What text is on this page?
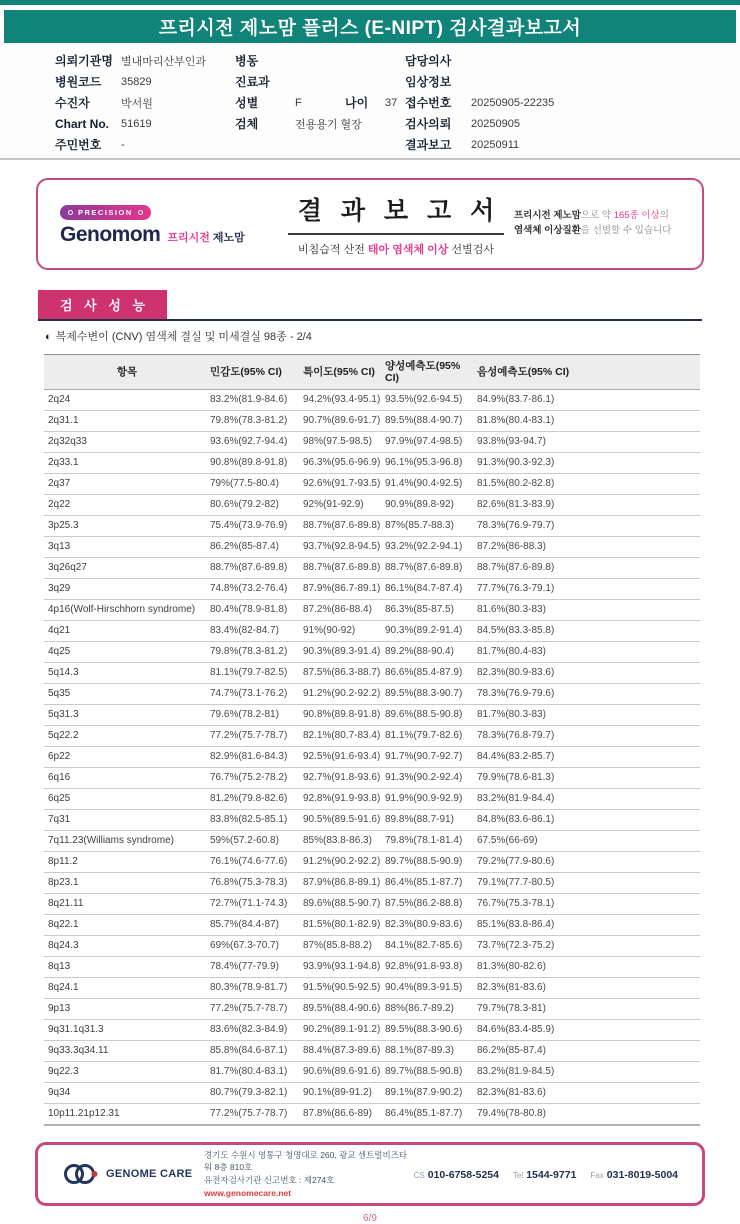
프리시전 제노맘 플러스 (E-NIPT) 검사결과보고서
의뢰기관명 별내마리산부인과
병원코드	35829
수진자	박서원
Chart No.	51619
주민번호	-
병동
진료과
성별	F	나이	37
검체	전용용기 혈장
담당의사
임상정보
접수번호	20250905-22235
검사의뢰	20250905
결과보고	20250911
PRECISION
Genomom 프리시전 제노맘
결 과 보 고 서
비침습적 산전 태아 염색체 이상 선별검사
프리시전 제노맘으로 약 165종 이상의
염색체 이상질환을 선별할 수 있습니다
검 사 성 능
◐ 복제수변이 (CNV) 염색체 결실 및 미세결실 98종 - 2/4
항목	민감도(95% CI)	특이도(95% CI)	양성예측도(95% CI)	음성예측도(95% CI)
2q24	83.2%(81.9-84.6)	94.2%(93.4-95.1)	93.5%(92.6-94.5)	84.9%(83.7-86.1)
2q31.1	79.8%(78.3-81.2)	90.7%(89.6-91.7)	89.5%(88.4-90.7)	81.8%(80.4-83.1)
2q32q33	93.6%(92.7-94.4)	98%(97.5-98.5)	97.9%(97.4-98.5)	93.8%(93-94.7)
2q33.1	90.8%(89.8-91.8)	96.3%(95.6-96.9)	96.1%(95.3-96.8)	91.3%(90.3-92.3)
2q37	79%(77.5-80.4)	92.6%(91.7-93.5)	91.4%(90.4-92.5)	81.5%(80.2-82.8)
2q22	80.6%(79.2-82)	92%(91-92.9)	90.9%(89.8-92)	82.6%(81.3-83.9)
3p25.3	75.4%(73.9-76.9)	88.7%(87.6-89.8)	87%(85.7-88.3)	78.3%(76.9-79.7)
3q13	86.2%(85-87.4)	93.7%(92.8-94.5)	93.2%(92.2-94.1)	87.2%(86-88.3)
3q26q27	88.7%(87.6-89.8)	88.7%(87.6-89.8)	88.7%(87.6-89.8)	88.7%(87.6-89.8)
3q29	74.8%(73.2-76.4)	87.9%(86.7-89.1)	86.1%(84.7-87.4)	77.7%(76.3-79.1)
4p16(Wolf-Hirschhorn syndrome)	80.4%(78.9-81.8)	87.2%(86-88.4)	86.3%(85-87.5)	81.6%(80.3-83)
4q21	83.4%(82-84.7)	91%(90-92)	90.3%(89.2-91.4)	84.5%(83.3-85.8)
4q25	79.8%(78.3-81.2)	90.3%(89.3-91.4)	89.2%(88-90.4)	81.7%(80.4-83)
5q14.3	81.1%(79.7-82.5)	87.5%(86.3-88.7)	86.6%(85.4-87.9)	82.3%(80.9-83.6)
5q35	74.7%(73.1-76.2)	91.2%(90.2-92.2)	89.5%(88.3-90.7)	78.3%(76.9-79.6)
5q31.3	79.6%(78.2-81)	90.8%(89.8-91.8)	89.6%(88.5-90.8)	81.7%(80.3-83)
5q22.2	77.2%(75.7-78.7)	82.1%(80.7-83.4)	81.1%(79.7-82.6)	78.3%(76.8-79.7)
6p22	82.9%(81.6-84.3)	92.5%(91.6-93.4)	91.7%(90.7-92.7)	84.4%(83.2-85.7)
6q16	76.7%(75.2-78.2)	92.7%(91.8-93.6)	91.3%(90.2-92.4)	79.9%(78.6-81.3)
6q25	81.2%(79.8-82.6)	92.8%(91.9-93.8)	91.9%(90.9-92.9)	83.2%(81.9-84.4)
7q31	83.8%(82.5-85.1)	90.5%(89.5-91.6)	89.8%(88.7-91)	84.8%(83.6-86.1)
7q11.23(Williams syndrome)	59%(57.2-60.8)	85%(83.8-86.3)	79.8%(78.1-81.4)	67.5%(66-69)
8p11.2	76.1%(74.6-77.6)	91.2%(90.2-92.2)	89.7%(88.5-90.9)	79.2%(77.9-80.6)
8p23.1	76.8%(75.3-78.3)	87.9%(86.8-89.1)	86.4%(85.1-87.7)	79.1%(77.7-80.5)
8q21.11	72.7%(71.1-74.3)	89.6%(88.5-90.7)	87.5%(86.2-88.8)	76.7%(75.3-78.1)
8q22.1	85.7%(84.4-87)	81.5%(80.1-82.9)	82.3%(80.9-83.6)	85.1%(83.8-86.4)
8q24.3	69%(67.3-70.7)	87%(85.8-88.2)	84.1%(82.7-85.6)	73.7%(72.3-75.2)
8q13	78.4%(77-79.9)	93.9%(93.1-94.8)	92.8%(91.8-93.8)	81.3%(80-82.6)
8q24.1	80.3%(78.9-81.7)	91.5%(90.5-92.5)	90.4%(89.3-91.5)	82.3%(81-83.6)
9p13	77.2%(75.7-78.7)	89.5%(88.4-90.6)	88%(86.7-89.2)	79.7%(78.3-81)
9q31.1q31.3	83.6%(82.3-84.9)	90.2%(89.1-91.2)	89.5%(88.3-90.6)	84.6%(83.4-85.9)
9q33.3q34.11	85.8%(84.6-87.1)	88.4%(87.3-89.6)	88.1%(87-89.3)	86.2%(85-87.4)
9q22.3	81.7%(80.4-83.1)	90.6%(89.6-91.6)	89.7%(88.5-90.8)	83.2%(81.9-84.5)
9q34	80.7%(79.3-82.1)	90.1%(89-91.2)	89.1%(87.9-90.2)	82.3%(81-83.6)
10p11.21p12.31	77.2%(75.7-78.7)	87.8%(86.6-89)	86.4%(85.1-87.7)	79.4%(78-80.8)
GENOME CARE
경기도 수원시 영통구 청명대로 260, 광교 센트럴비즈타워 8층 810호
유전자검사기관 신고번호 : 제274호
www.genomecare.net
CS 010-6758-5254 Tel 1544-9771 Fax 031-8019-5004
6/9
